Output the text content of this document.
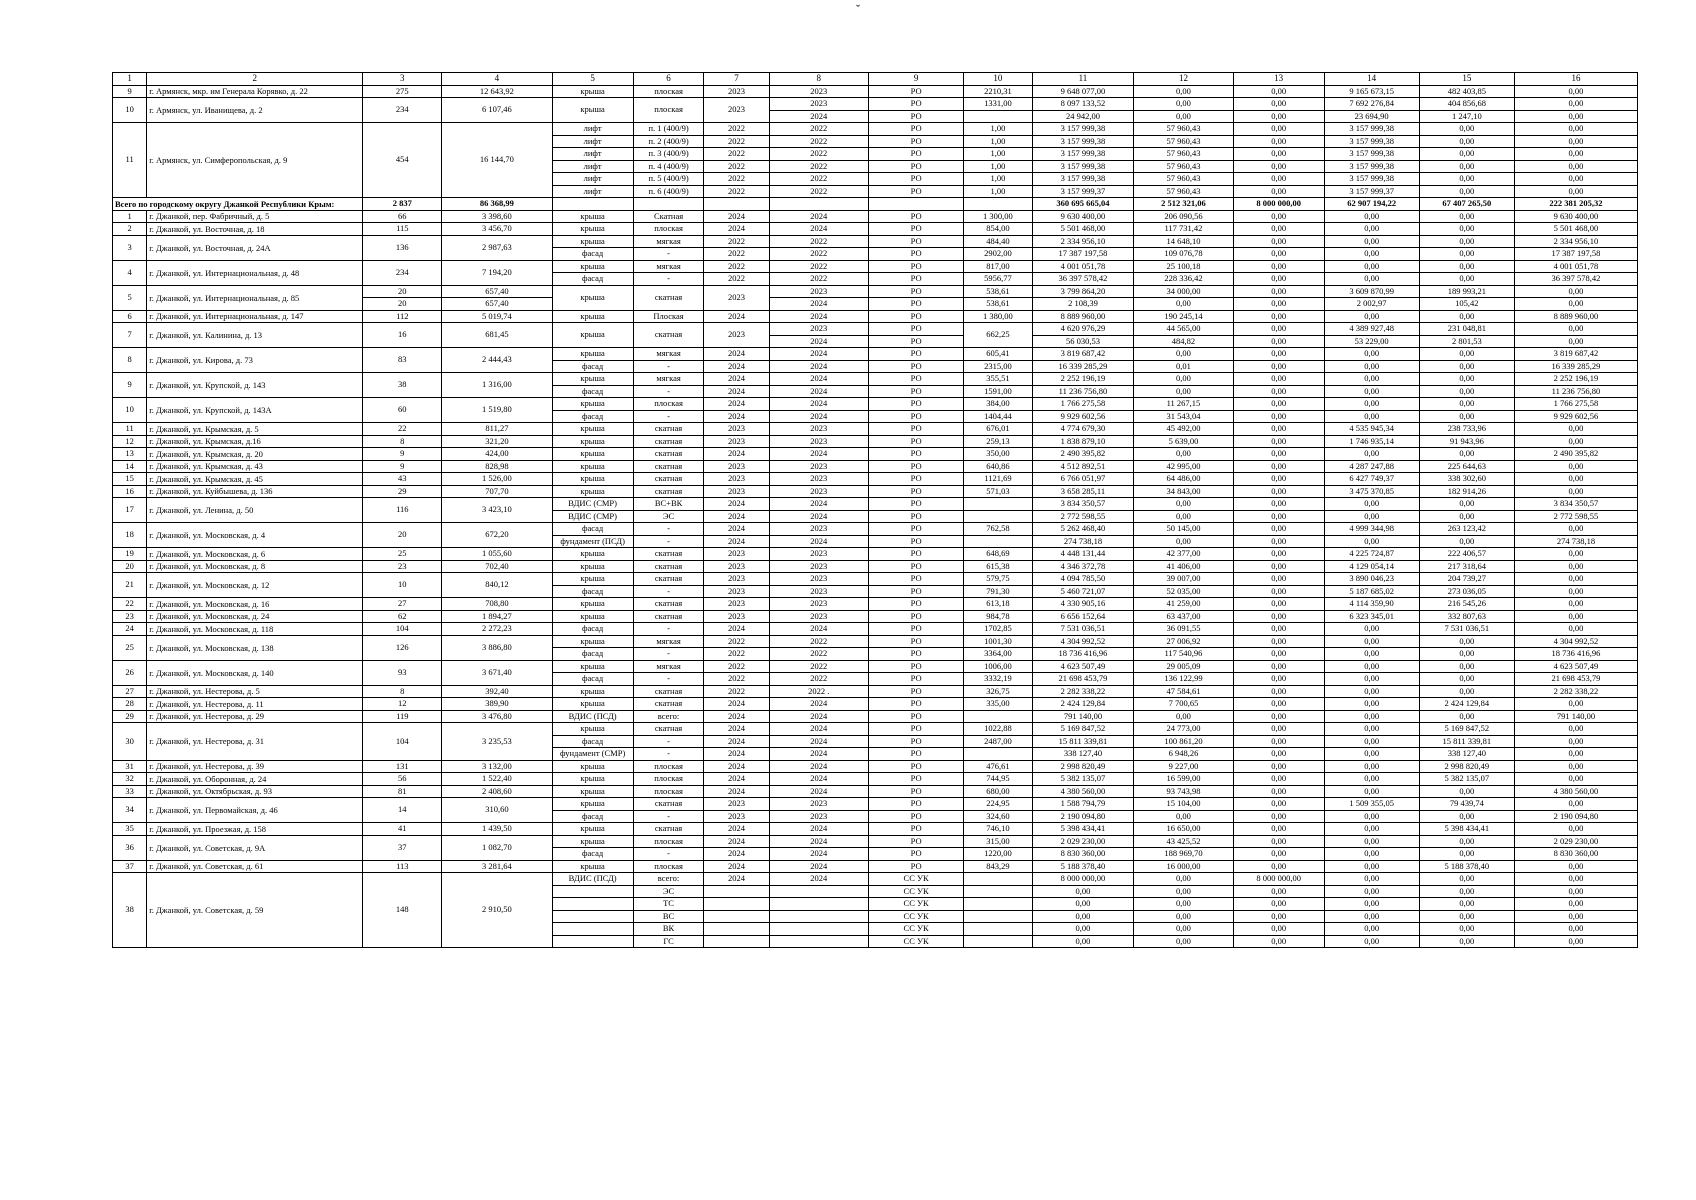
ˇ
1	2	3	4	5	6	7	8	9	10	11	12	13	14	15	16
9	г. Армянск, мкр. им Генерала Корявко, д. 22	275	12 643,92	крыша	плоская	2023	2023	РО	2210,31	9 648 077,00	0,00	0,00	9 165 673,15	482 403,85	0,00

10	г. Армянск, ул. Иванищева, д. 2	234	6 107,46	крыша	плоская	2023	2023	РО	1331,00	8 097 133,52	0,00	0,00	7 692 276,84	404 856,68	0,00
							2024	РО		24 942,00	0,00	0,00	23 694,90	1 247,10	0,00
11	г. Армянск, ул. Симферопольская, д. 9	454	16 144,70	лифт	п. 1 (400/9)	2022	2022	РО	1,00	3 157 999,38	57 960,43	0,00	3 157 999,38	0,00	0,00
				лифт	п. 2 (400/9)	2022	2022	РО	1,00	3 157 999,38	57 960,43	0,00	3 157 999,38	0,00	0,00
				лифт	п. 3 (400/9)	2022	2022	РО	1,00	3 157 999,38	57 960,43	0,00	3 157 999,38	0,00	0,00
				лифт	п. 4 (400/9)	2022	2022	РО	1,00	3 157 999,38	57 960,43	0,00	3 157 999,38	0,00	0,00
				лифт	п. 5 (400/9)	2022	2022	РО	1,00	3 157 999,38	57 960,43	0,00	3 157 999,38	0,00	0,00
				лифт	п. 6 (400/9)	2022	2022	РО	1,00	3 157 999,37	57 960,43	0,00	3 157 999,37	0,00	0,00
Всего по городскому округу Джанкой Республики Крым:		2 837	86 368,99							360 695 665,04	2 512 321,06	8 000 000,00	62 907 194,22	67 407 265,50	222 381 205,32

1	г. Джанкой, пер. Фабричный, д. 5	66	3 398,60	крыша	Скатная	2024	2024	РО	1 300,00	9 630 400,00	206 090,56	0,00	0,00	0,00	9 630 400,00
2	г. Джанкой, ул. Восточная, д. 18	115	3 456,70	крыша	плоская	2024	2024	РО	854,00	5 501 468,00	117 731,42	0,00	0,00	0,00	5 501 468,00
3	г. Джанкой, ул. Восточная, д. 24А	136	2 987,63	крыша	мягкая	2022	2022	РО	484,40	2 334 956,10	14 648,10	0,00	0,00	0,00	2 334 956,10
				фасад	-	2022	2022	РО	2902,00	17 387 197,58	109 076,78	0,00	0,00	0,00	17 387 197,58
4	г. Джанкой, ул. Интернациональная, д. 48	234	7 194,20	крыша	мягкая	2022	2022	РО	817,00	4 001 051,78	25 100,18	0,00	0,00	0,00	4 001 051,78
				фасад	-	2022	2022	РО	5956,77	36 397 578,42	228 336,42	0,00	0,00	0,00	36 397 578,42
5	г. Джанкой, ул. Интернациональная, д. 85	20	657,40	крыша	скатная	2023	2023	РО	538,61	3 799 864,20	34 000,00	0,00	3 609 870,99	189 993,21	0,00
		20	657,40				2024	РО	538,61	2 108,39	0,00	0,00	2 002,97	105,42	0,00
6	г. Джанкой, ул. Интернациональная, д. 147	112	5 019,74	крыша	Плоская	2024	2024	РО	1 380,00	8 889 960,00	190 245,14	0,00	0,00	0,00	8 889 960,00

7	г. Джанкой, ул. Калинина, д. 13	16	681,45	крыша	скатная	2023	2023	РО	662,25	4 620 976,29	44 565,00	0,00	4 389 927,48	231 048,81	0,00
							2024	РО		56 030,53	484,82	0,00	53 229,00	2 801,53	0,00
8	г. Джанкой, ул. Кирова, д. 73	83	2 444,43	крыша	мягкая	2024	2024	РО	605,41	3 819 687,42	0,00	0,00	0,00	0,00	3 819 687,42
				фасад	-	2024	2024	РО	2315,00	16 339 285,29	0,01	0,00	0,00	0,00	16 339 285,29
9	г. Джанкой, ул. Крупской, д. 143	38	1 316,00	крыша	мягкая	2024	2024	РО	355,51	2 252 196,19	0,00	0,00	0,00	0,00	2 252 196,19
				фасад	-	2024	2024	РО	1591,00	11 236 756,80	0,00	0,00	0,00	0,00	11 236 756,80
10	г. Джанкой, ул. Крупской, д. 143А	60	1 519,80	крыша	плоская	2024	2024	РО	384,00	1 766 275,58	11 267,15	0,00	0,00	0,00	1 766 275,58
				фасад	-	2024	2024	РО	1404,44	9 929 602,56	31 543,04	0,00	0,00	0,00	9 929 602,56
11	г. Джанкой, ул. Крымская, д. 5	22	811,27	крыша	скатная	2023	2023	РО	676,01	4 774 679,30	45 492,00	0,00	4 535 945,34	238 733,96	0,00
12	г. Джанкой, ул. Крымская, д.16	8	321,20	крыша	скатная	2023	2023	РО	259,13	1 838 879,10	5 639,00	0,00	1 746 935,14	91 943,96	0,00
13	г. Джанкой, ул. Крымская, д. 20	9	424,00	крыша	скатная	2024	2024	РО	350,00	2 490 395,82	0,00	0,00	0,00	0,00	2 490 395,82
14	г. Джанкой, ул. Крымская, д. 43	9	828,98	крыша	скатная	2023	2023	РО	640,86	4 512 892,51	42 995,00	0,00	4 287 247,88	225 644,63	0,00
15	г. Джанкой, ул. Крымская, д. 45	43	1 526,00	крыша	скатная	2023	2023	РО	1121,69	6 766 051,97	64 486,00	0,00	6 427 749,37	338 302,60	0,00
16	г. Джанкой, ул. Куйбышева, д. 136	29	707,70	крыша	скатная	2023	2023	РО	571,03	3 658 285,11	34 843,00	0,00	3 475 370,85	182 914,26	0,00
17	г. Джанкой, ул. Ленина, д. 50	116	3 423,10	ВДИС (СМР)	ВС+ВК	2024	2024	РО		3 834 350,57	0,00	0,00	0,00	0,00	3 834 350,57
				ВДИС (СМР)	ЭС	2024	2024	РО		2 772 598,55	0,00	0,00	0,00	0,00	2 772 598,55
18	г. Джанкой, ул. Московская, д. 4	20	672,20	фасад	-	2024	2023	РО	762,58	5 262 468,40	50 145,00	0,00	4 999 344,98	263 123,42	0,00
				фундамент (ПСД)	-	2024	2024	РО		274 738,18	0,00	0,00	0,00	0,00	274 738,18

19	г. Джанкой, ул. Московская, д. 6	25	1 055,60	крыша	скатная	2023	2023	РО	648,69	4 448 131,44	42 377,00	0,00	4 225 724,87	222 406,57	0,00
20	г. Джанкой, ул. Московская, д. 8	23	702,40	крыша	скатная	2023	2023	РО	615,38	4 346 372,78	41 406,00	0,00	4 129 054,14	217 318,64	0,00
21	г. Джанкой, ул. Московская, д. 12	10	840,12	крыша	скатная	2023	2023	РО	579,75	4 094 785,50	39 007,00	0,00	3 890 046,23	204 739,27	0,00
				фасад	-	2023	2023	РО	791,30	5 460 721,07	52 035,00	0,00	5 187 685,02	273 036,05	0,00
22	г. Джанкой, ул. Московская, д. 16	27	708,80	крыша	скатная	2023	2023	РО	613,18	4 330 905,16	41 259,00	0,00	4 114 359,90	216 545,26	0,00
23	г. Джанкой, ул. Московская, д. 24	62	1 894,27	крыша	скатная	2023	2023	РО	984,78	6 656 152,64	63 437,00	0,00	6 323 345,01	332 807,63	0,00
24	г. Джанкой, ул. Московская, д. 118	104	2 272,23	фасад	-	2024	2024	РО	1702,85	7 531 036,51	36 091,55	0,00	0,00	7 531 036,51	0,00
25	г. Джанкой, ул. Московская, д. 138	126	3 886,80	крыша	мягкая	2022	2022	РО	1001,30	4 304 992,52	27 006,92	0,00	0,00	0,00	4 304 992,52
				фасад	-	2022	2022	РО	3364,00	18 736 416,96	117 540,96	0,00	0,00	0,00	18 736 416,96
26	г. Джанкой, ул. Московская, д. 140	93	3 671,40	крыша	мягкая	2022	2022	РО	1006,00	4 623 507,49	29 005,09	0,00	0,00	0,00	4 623 507,49
				фасад	-	2022	2022	РО	3332,19	21 698 453,79	136 122,99	0,00	0,00	0,00	21 698 453,79
27	г. Джанкой, ул. Нестерова, д. 5	8	392,40	крыша	скатная	2022	2022 .	РО	326,75	2 282 338,22	47 584,61	0,00	0,00	0,00	2 282 338,22
28	г. Джанкой, ул. Нестерова, д. 11	12	389,90	крыша	скатная	2024	2024	РО	335,00	2 424 129,84	7 700,65	0,00	0,00	2 424 129,84	0,00
29	г. Джанкой, ул. Нестерова, д. 29	119	3 476,80	ВДИС (ПСД)	всего:	2024	2024	РО		791 140,00	0,00	0,00	0,00	0,00	791 140,00
30	г. Джанкой, ул. Нестерова, д. 31	104	3 235,53	крыша	скатная	2024	2024	РО	1022,88	5 169 847,52	24 773,00	0,00	0,00	5 169 847,52	0,00
				фасад	-	2024	2024	РО	2487,00	15 811 339,81	100 861,20	0,00	0,00	15 811 339,81	0,00
				фундамент (СМР)	-	2024	2024	РО		338 127,40	6 948,26	0,00	0,00	338 127,40	0,00

31	г. Джанкой, ул. Нестерова, д. 39	131	3 132,00	крыша	плоская	2024	2024	РО	476,61	2 998 820,49	9 227,00	0,00	0,00	2 998 820,49	0,00
32	г. Джанкой, ул. Оборонная, д. 24	56	1 522,40	крыша	плоская	2024	2024	РО	744,95	5 382 135,07	16 599,00	0,00	0,00	5 382 135,07	0,00
33	г. Джанкой, ул. Октябрьская, д. 93	81	2 408,60	крыша	плоская	2024	2024	РО	680,00	4 380 560,00	93 743,98	0,00	0,00	0,00	4 380 560,00
34	г. Джанкой, ул. Первомайская, д. 46	14	310,60	крыша	скатная	2023	2023	РО	224,95	1 588 794,79	15 104,00	0,00	1 509 355,05	79 439,74	0,00
				фасад	-	2023	2023	РО	324,60	2 190 094,80	0,00	0,00	0,00	0,00	2 190 094,80
35	г. Джанкой, ул. Проезжая, д. 158	41	1 439,50	крыша	скатная	2024	2024	РО	746,10	5 398 434,41	16 650,00	0,00	0,00	5 398 434,41	0,00
36	г. Джанкой, ул. Советская, д. 9А	37	1 082,70	крыша	плоская	2024	2024	РО	315,00	2 029 230,00	43 425,52	0,00	0,00	0,00	2 029 230,00
				фасад	-	2024	2024	РО	1220,00	8 830 360,00	188 969,70	0,00	0,00	0,00	8 830 360,00
37	г. Джанкой, ул. Советская, д. 61	113	3 281,64	крыша	плоская	2024	2024	РО	843,29	5 188 378,40	16 000,00	0,00	0,00	5 188 378,40	0,00
38	г. Джанкой, ул. Советская, д. 59	148	2 910,50	ВДИС (ПСД)	всего:	2024	2024	СС УК		8 000 000,00	0,00	8 000 000,00	0,00	0,00	0,00
					ЭС			СС УК		0,00	0,00	0,00	0,00	0,00	0,00
					ТС			СС УК		0,00	0,00	0,00	0,00	0,00	0,00
					ВС			СС УК		0,00	0,00	0,00	0,00	0,00	0,00
					ВК			СС УК		0,00	0,00	0,00	0,00	0,00	0,00
					ГС			СС УК		0,00	0,00	0,00	0,00	0,00	0,00
